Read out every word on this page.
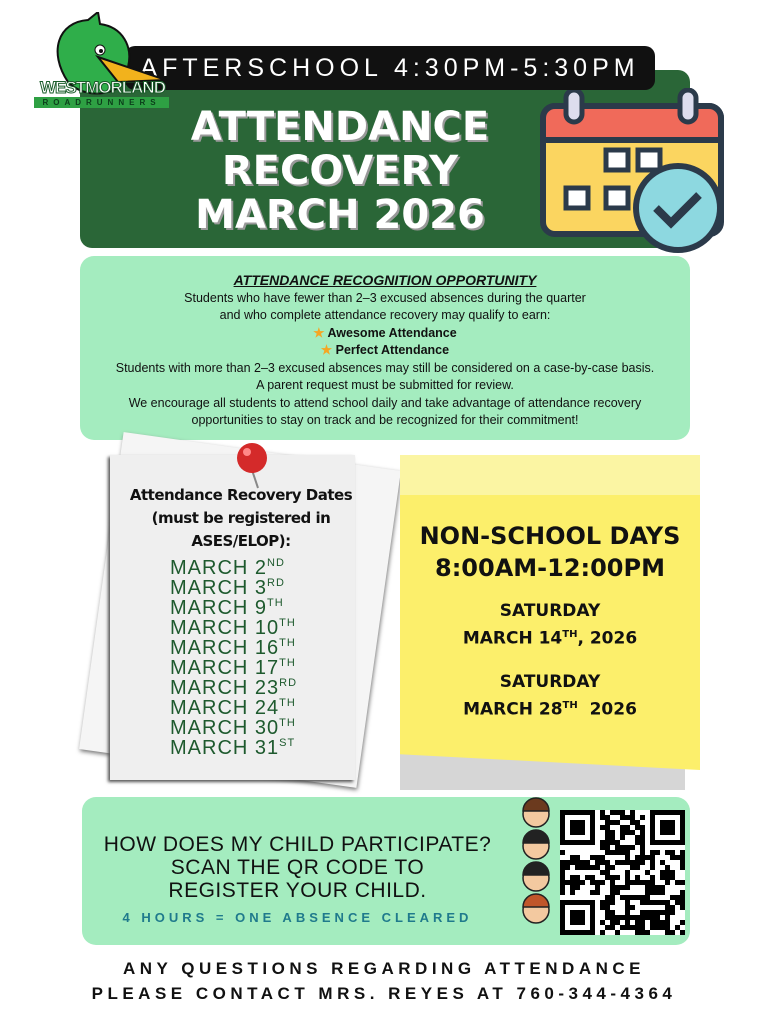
WESTMORLAND
ROADRUNNERS
AFTERSCHOOL 4:30PM-5:30PM
ATTENDANCE
RECOVERY
MARCH 2026
ATTENDANCE RECOGNITION OPPORTUNITY
Students who have fewer than 2–3 excused absences during the quarter and who complete attendance recovery may qualify to earn:
★ Awesome Attendance
★ Perfect Attendance
Students with more than 2–3 excused absences may still be considered on a case-by-case basis.
A parent request must be submitted for review.
We encourage all students to attend school daily and take advantage of attendance recovery opportunities to stay on track and be recognized for their commitment!
Attendance Recovery Dates (must be registered in ASES/ELOP):
MARCH 2ND
MARCH 3RD
MARCH 9TH
MARCH 10TH
MARCH 16TH
MARCH 17TH
MARCH 23RD
MARCH 24TH
MARCH 30TH
MARCH 31ST
NON-SCHOOL DAYS
8:00AM-12:00PM
SATURDAY
MARCH 14TH, 2026
SATURDAY
MARCH 28TH  2026
HOW DOES MY CHILD PARTICIPATE?
SCAN THE QR CODE TO REGISTER YOUR CHILD.
4 HOURS = ONE ABSENCE CLEARED
ANY QUESTIONS REGARDING ATTENDANCE
PLEASE CONTACT MRS. REYES AT 760-344-4364
